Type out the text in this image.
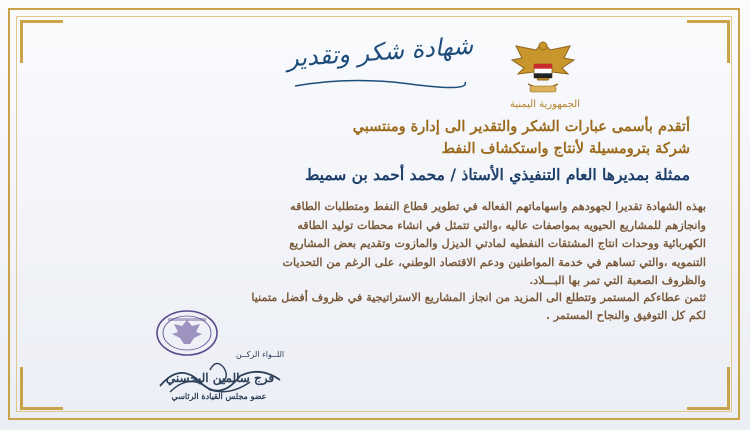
الجمهورية اليمنية
شهادة شكر وتقدير
أتقدم بأسمى عبارات الشكر والتقدير الى إدارة ومنتسبي
شركة بترومسيلة لأنتاج واستكشاف النفط
ممثلة بمديرها العام التنفيذي الأستاذ / محمد أحمد بن سميط

بهذه الشهادة تقديرا لجهودهم واسهاماتهم الفعاله في تطوير قطاع النفط ومتطلبات الطاقه

وانجازهم للمشاريع الحيويه بمواصفات عاليه ،والتي تتمثل في انشاء محطات توليد الطاقه

الكهربائية ووحدات انتاج المشتقات النفطيه لمادتي الديزل والمازوت وتقديم بعض المشاريع

التنمويه ،والتي تساهم في خدمة المواطنين ودعم الاقتصاد الوطني، على الرغم من التحديات

والظروف الصعبة التي تمر بها البـــلاد.

ثثمن عطاءكم المستمر وتتطلع الى المزيد من انجاز المشاريع الاستراتيجية في ظروف أفضل متمنيا

لكم كل التوفيق والنجاح المستمر .

اللــواء الركــن
فرج سالمين البحسني
عضو مجلس القيادة الرئاسي
